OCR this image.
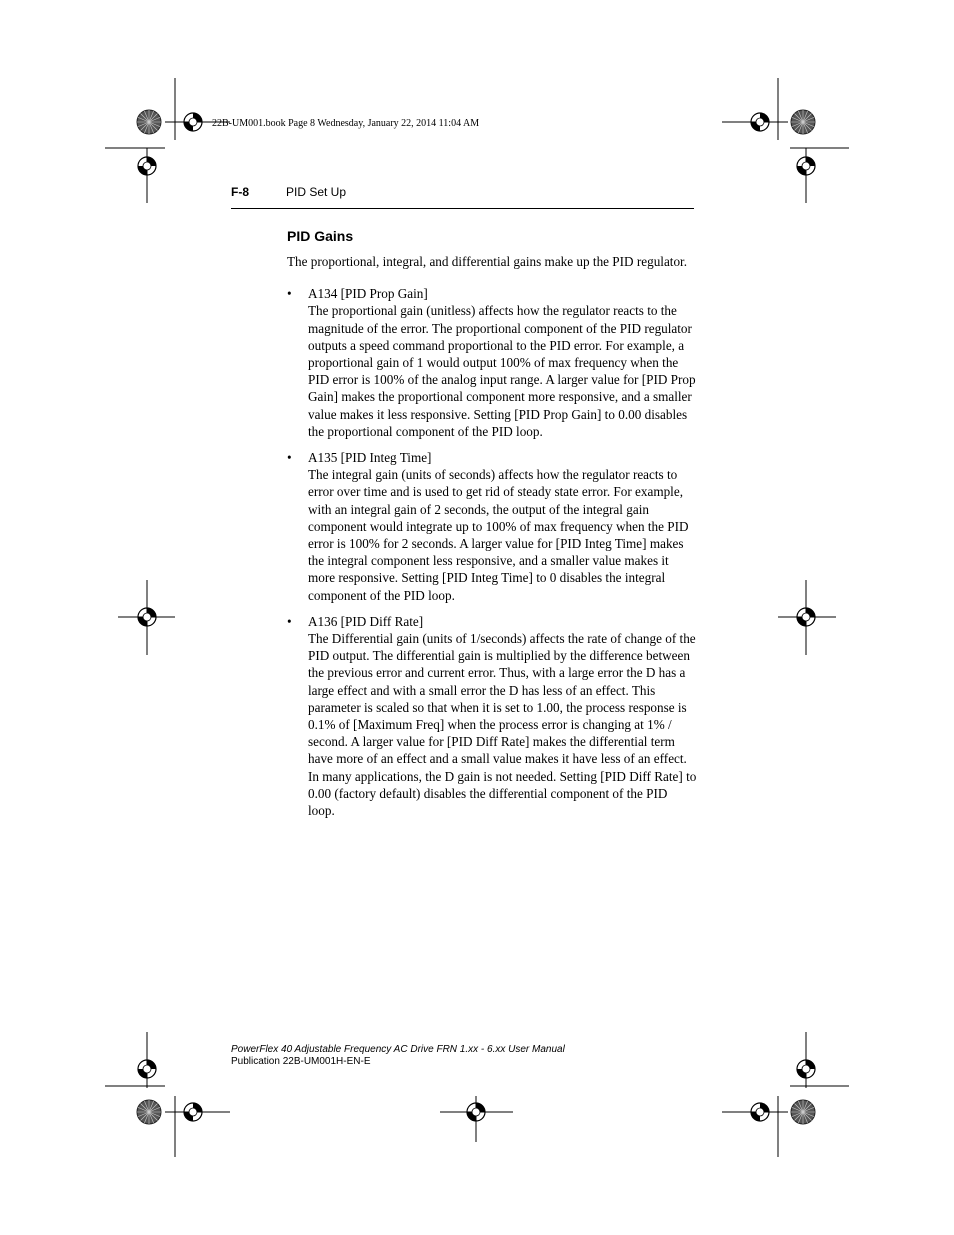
22B-UM001.book Page 8 Wednesday, January 22, 2014 11:04 AM
F-8	PID Set Up
PID Gains

The proportional, integral, and differential gains make up the PID regulator.

• A134 [PID Prop Gain]
The proportional gain (unitless) affects how the regulator reacts to the magnitude of the error. The proportional component of the PID regulator outputs a speed command proportional to the PID error. For example, a proportional gain of 1 would output 100% of max frequency when the PID error is 100% of the analog input range. A larger value for [PID Prop Gain] makes the proportional component more responsive, and a smaller value makes it less responsive. Setting [PID Prop Gain] to 0.00 disables the proportional component of the PID loop.
• A135 [PID Integ Time]
The integral gain (units of seconds) affects how the regulator reacts to error over time and is used to get rid of steady state error. For example, with an integral gain of 2 seconds, the output of the integral gain component would integrate up to 100% of max frequency when the PID error is 100% for 2 seconds. A larger value for [PID Integ Time] makes the integral component less responsive, and a smaller value makes it more responsive. Setting [PID Integ Time] to 0 disables the integral component of the PID loop.
• A136 [PID Diff Rate]
The Differential gain (units of 1/seconds) affects the rate of change of the PID output. The differential gain is multiplied by the difference between the previous error and current error. Thus, with a large error the D has a large effect and with a small error the D has less of an effect. This parameter is scaled so that when it is set to 1.00, the process response is 0.1% of [Maximum Freq] when the process error is changing at 1% / second. A larger value for [PID Diff Rate] makes the differential term have more of an effect and a small value makes it have less of an effect. In many applications, the D gain is not needed. Setting [PID Diff Rate] to 0.00 (factory default) disables the differential component of the PID loop.
PowerFlex 40 Adjustable Frequency AC Drive FRN 1.xx - 6.xx User Manual
Publication 22B-UM001H-EN-E
